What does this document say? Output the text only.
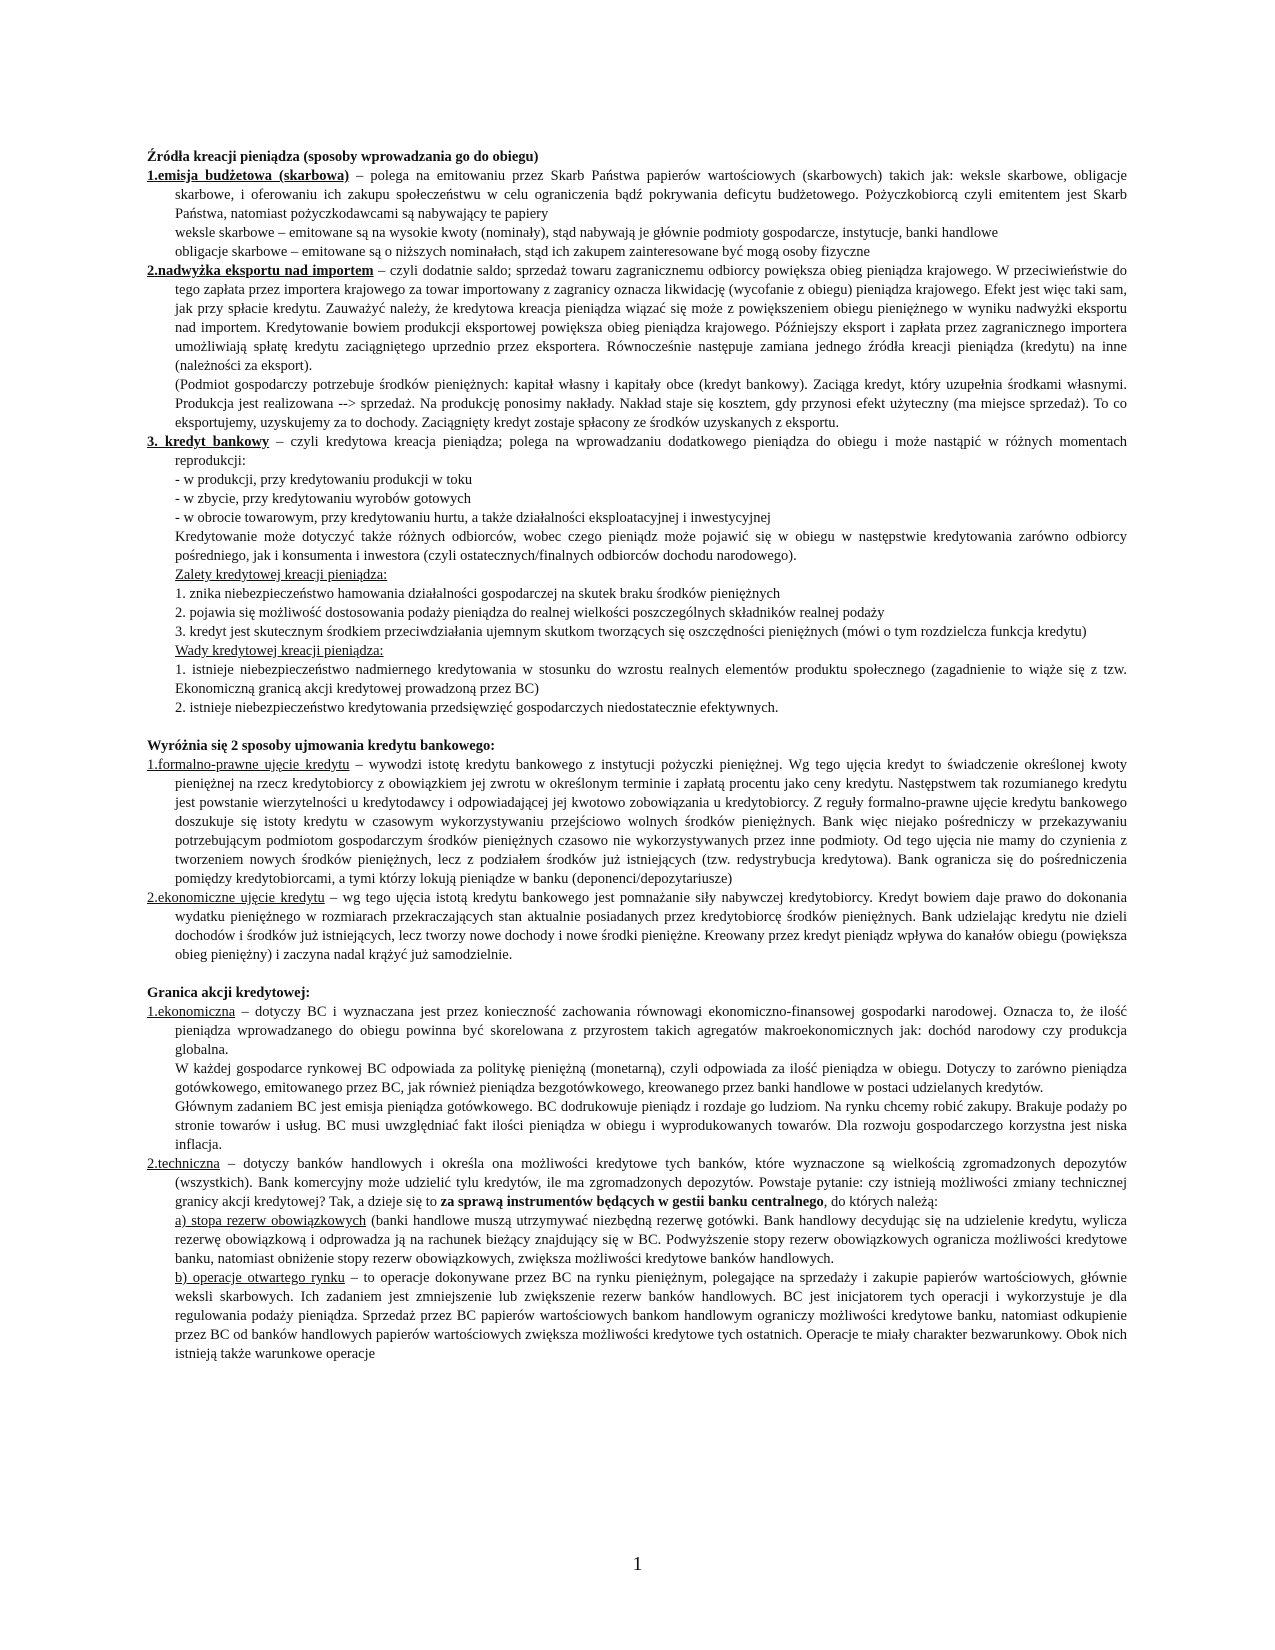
Źródła kreacji pieniądza (sposoby wprowadzania go do obiegu)

1.emisja budżetowa (skarbowa) – polega na emitowaniu przez Skarb Państwa papierów wartościowych (skarbowych) takich jak: weksle skarbowe, obligacje skarbowe, i oferowaniu ich zakupu społeczeństwu w celu ograniczenia bądź pokrywania deficytu budżetowego. Pożyczkobiorcą czyli emitentem jest Skarb Państwa, natomiast pożyczkodawcami są nabywający te papiery

weksle skarbowe – emitowane są na wysokie kwoty (nominały), stąd nabywają je głównie podmioty gospodarcze, instytucje, banki handlowe

obligacje skarbowe – emitowane są o niższych nominałach, stąd ich zakupem zainteresowane być mogą osoby fizyczne

2.nadwyżka eksportu nad importem – czyli dodatnie saldo; sprzedaż towaru zagranicznemu odbiorcy powiększa obieg pieniądza krajowego. W przeciwieństwie do tego zapłata przez importera krajowego za towar importowany z zagranicy oznacza likwidację (wycofanie z obiegu) pieniądza krajowego. Efekt jest więc taki sam, jak przy spłacie kredytu. Zauważyć należy, że kredytowa kreacja pieniądza wiązać się może z powiększeniem obiegu pieniężnego w wyniku nadwyżki eksportu nad importem. Kredytowanie bowiem produkcji eksportowej powiększa obieg pieniądza krajowego. Późniejszy eksport i zapłata przez zagranicznego importera umożliwiają spłatę kredytu zaciągniętego uprzednio przez eksportera. Równocześnie następuje zamiana jednego źródła kreacji pieniądza (kredytu) na inne (należności za eksport).

(Podmiot gospodarczy potrzebuje środków pieniężnych: kapitał własny i kapitały obce (kredyt bankowy). Zaciąga kredyt, który uzupełnia środkami własnymi. Produkcja jest realizowana --> sprzedaż. Na produkcję ponosimy nakłady. Nakład staje się kosztem, gdy przynosi efekt użyteczny (ma miejsce sprzedaż). To co eksportujemy, uzyskujemy za to dochody. Zaciągnięty kredyt zostaje spłacony ze środków uzyskanych z eksportu.

3. kredyt bankowy – czyli kredytowa kreacja pieniądza; polega na wprowadzaniu dodatkowego pieniądza do obiegu i może nastąpić w różnych momentach reprodukcji:

- w produkcji, przy kredytowaniu produkcji w toku

- w zbycie, przy kredytowaniu wyrobów gotowych

- w obrocie towarowym, przy kredytowaniu hurtu, a także działalności eksploatacyjnej i inwestycyjnej

Kredytowanie może dotyczyć także różnych odbiorców, wobec czego pieniądz może pojawić się w obiegu w następstwie kredytowania zarówno odbiorcy pośredniego, jak i konsumenta i inwestora (czyli ostatecznych/finalnych odbiorców dochodu narodowego).

Zalety kredytowej kreacji pieniądza:

1. znika niebezpieczeństwo hamowania działalności gospodarczej na skutek braku środków pieniężnych

2. pojawia się możliwość dostosowania podaży pieniądza do realnej wielkości poszczególnych składników realnej podaży

3. kredyt jest skutecznym środkiem przeciwdziałania ujemnym skutkom tworzących się oszczędności pieniężnych (mówi o tym rozdzielcza funkcja kredytu)

Wady kredytowej kreacji pieniądza:

1. istnieje niebezpieczeństwo nadmiernego kredytowania w stosunku do wzrostu realnych elementów produktu społecznego (zagadnienie to wiąże się z tzw. Ekonomiczną granicą akcji kredytowej prowadzoną przez BC)

2. istnieje niebezpieczeństwo kredytowania przedsięwzięć gospodarczych niedostatecznie efektywnych.

Wyróżnia się 2 sposoby ujmowania kredytu bankowego:

1.formalno-prawne ujęcie kredytu – wywodzi istotę kredytu bankowego z instytucji pożyczki pieniężnej. Wg tego ujęcia kredyt to świadczenie określonej kwoty pieniężnej na rzecz kredytobiorcy z obowiązkiem jej zwrotu w określonym terminie i zapłatą procentu jako ceny kredytu. Następstwem tak rozumianego kredytu jest powstanie wierzytelności u kredytodawcy i odpowiadającej jej kwotowo zobowiązania u kredytobiorcy. Z reguły formalno-prawne ujęcie kredytu bankowego doszukuje się istoty kredytu w czasowym wykorzystywaniu przejściowo wolnych środków pieniężnych. Bank więc niejako pośredniczy w przekazywaniu potrzebującym podmiotom gospodarczym środków pieniężnych czasowo nie wykorzystywanych przez inne podmioty. Od tego ujęcia nie mamy do czynienia z tworzeniem nowych środków pieniężnych, lecz z podziałem środków już istniejących (tzw. redystrybucja kredytowa). Bank ogranicza się do pośredniczenia pomiędzy kredytobiorcami, a tymi którzy lokują pieniądze w banku (deponenci/depozytariusze)
2.ekonomiczne ujęcie kredytu – wg tego ujęcia istotą kredytu bankowego jest pomnażanie siły nabywczej kredytobiorcy. Kredyt bowiem daje prawo do dokonania wydatku pieniężnego w rozmiarach przekraczających stan aktualnie posiadanych przez kredytobiorcę środków pieniężnych. Bank udzielając kredytu nie dzieli dochodów i środków już istniejących, lecz tworzy nowe dochody i nowe środki pieniężne. Kreowany przez kredyt pieniądz wpływa do kanałów obiegu (powiększa obieg pieniężny) i zaczyna nadal krążyć już samodzielnie.

Granica akcji kredytowej:

1.ekonomiczna – dotyczy BC i wyznaczana jest przez konieczność zachowania równowagi ekonomiczno-finansowej gospodarki narodowej. Oznacza to, że ilość pieniądza wprowadzanego do obiegu powinna być skorelowana z przyrostem takich agregatów makroekonomicznych jak: dochód narodowy czy produkcja globalna.

W każdej gospodarce rynkowej BC odpowiada za politykę pieniężną (monetarną), czyli odpowiada za ilość pieniądza w obiegu. Dotyczy to zarówno pieniądza gotówkowego, emitowanego przez BC, jak również pieniądza bezgotówkowego, kreowanego przez banki handlowe w postaci udzielanych kredytów.

Głównym zadaniem BC jest emisja pieniądza gotówkowego. BC dodrukowuje pieniądz i rozdaje go ludziom. Na rynku chcemy robić zakupy. Brakuje podaży po stronie towarów i usług. BC musi uwzględniać fakt ilości pieniądza w obiegu i wyprodukowanych towarów. Dla rozwoju gospodarczego korzystna jest niska inflacja.

2.techniczna – dotyczy banków handlowych i określa ona możliwości kredytowe tych banków, które wyznaczone są wielkością zgromadzonych depozytów (wszystkich). Bank komercyjny może udzielić tylu kredytów, ile ma zgromadzonych depozytów. Powstaje pytanie: czy istnieją możliwości zmiany technicznej granicy akcji kredytowej? Tak, a dzieje się to za sprawą instrumentów będących w gestii banku centralnego, do których należą:
a) stopa rezerw obowiązkowych (banki handlowe muszą utrzymywać niezbędną rezerwę gotówki. Bank handlowy decydując się na udzielenie kredytu, wylicza rezerwę obowiązkową i odprowadza ją na rachunek bieżący znajdujący się w BC. Podwyższenie stopy rezerw obowiązkowych ogranicza możliwości kredytowe banku, natomiast obniżenie stopy rezerw obowiązkowych, zwiększa możliwości kredytowe banków handlowych.
b) operacje otwartego rynku – to operacje dokonywane przez BC na rynku pieniężnym, polegające na sprzedaży i zakupie papierów wartościowych, głównie weksli skarbowych. Ich zadaniem jest zmniejszenie lub zwiększenie rezerw banków handlowych. BC jest inicjatorem tych operacji i wykorzystuje je dla regulowania podaży pieniądza. Sprzedaż przez BC papierów wartościowych bankom handlowym ograniczy możliwości kredytowe banku, natomiast odkupienie przez BC od banków handlowych papierów wartościowych zwiększa możliwości kredytowe tych ostatnich. Operacje te miały charakter bezwarunkowy. Obok nich istnieją także warunkowe operacje
1
